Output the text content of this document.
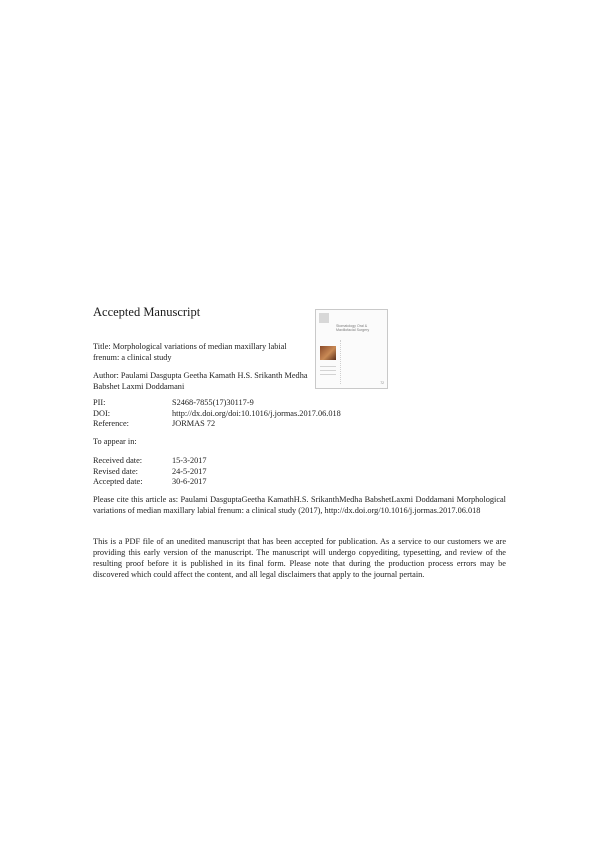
Accepted Manuscript
Stomatology Oral & Maxillofacial Surgery
72
Title: Morphological variations of median maxillary labial frenum: a clinical study
Author: Paulami Dasgupta Geetha Kamath H.S. Srikanth Medha Babshet Laxmi Doddamani
PII:	S2468-7855(17)30117-9
DOI:	http://dx.doi.org/doi:10.1016/j.jormas.2017.06.018
Reference:	JORMAS 72
To appear in:
Received date:	15-3-2017
Revised date:	24-5-2017
Accepted date:	30-6-2017
Please cite this article as: Paulami DasguptaGeetha KamathH.S. SrikanthMedha BabshetLaxmi Doddamani Morphological variations of median maxillary labial frenum: a clinical study (2017), http://dx.doi.org/10.1016/j.jormas.2017.06.018
This is a PDF file of an unedited manuscript that has been accepted for publication. As a service to our customers we are providing this early version of the manuscript. The manuscript will undergo copyediting, typesetting, and review of the resulting proof before it is published in its final form. Please note that during the production process errors may be discovered which could affect the content, and all legal disclaimers that apply to the journal pertain.
